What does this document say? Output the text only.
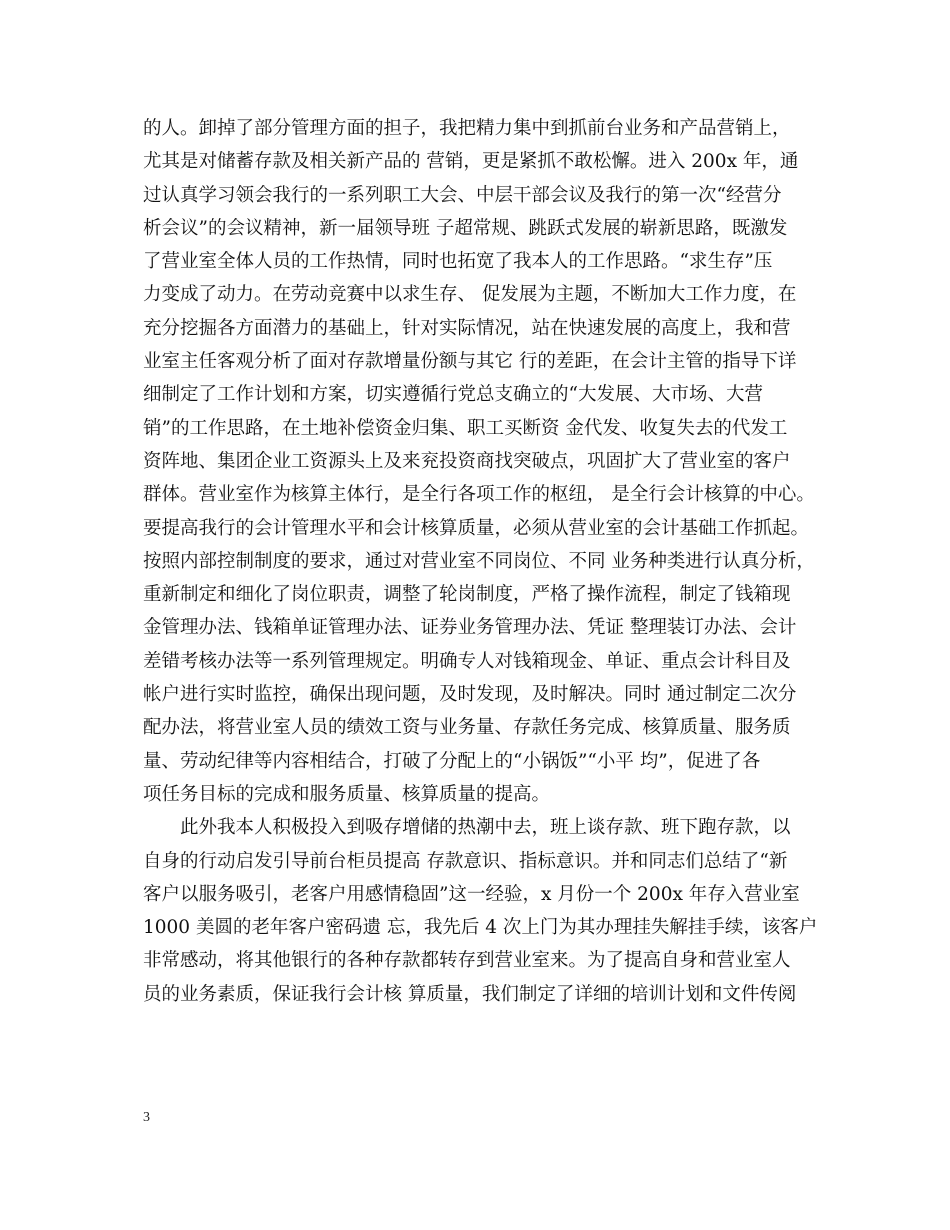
的人。卸掉了部分管理方面的担子，我把精力集中到抓前台业务和产品营销上，
尤其是对储蓄存款及相关新产品的 营销，更是紧抓不敢松懈。进入 200x 年，通
过认真学习领会我行的一系列职工大会、中层干部会议及我行的第一次“经营分
析会议”的会议精神，新一届领导班 子超常规、跳跃式发展的崭新思路，既激发
了营业室全体人员的工作热情，同时也拓宽了我本人的工作思路。“求生存”压
力变成了动力。在劳动竞赛中以求生存、 促发展为主题，不断加大工作力度，在
充分挖掘各方面潜力的基础上，针对实际情况，站在快速发展的高度上，我和营
业室主任客观分析了面对存款增量份额与其它 行的差距，在会计主管的指导下详
细制定了工作计划和方案，切实遵循行党总支确立的“大发展、大市场、大营
销”的工作思路，在土地补偿资金归集、职工买断资 金代发、收复失去的代发工
资阵地、集团企业工资源头上及来兖投资商找突破点，巩固扩大了营业室的客户
群体。营业室作为核算主体行，是全行各项工作的枢纽， 是全行会计核算的中心。
要提高我行的会计管理水平和会计核算质量，必须从营业室的会计基础工作抓起。
按照内部控制制度的要求，通过对营业室不同岗位、不同 业务种类进行认真分析，
重新制定和细化了岗位职责，调整了轮岗制度，严格了操作流程，制定了钱箱现
金管理办法、钱箱单证管理办法、证券业务管理办法、凭证 整理装订办法、会计
差错考核办法等一系列管理规定。明确专人对钱箱现金、单证、重点会计科目及
帐户进行实时监控，确保出现问题，及时发现，及时解决。同时 通过制定二次分
配办法，将营业室人员的绩效工资与业务量、存款任务完成、核算质量、服务质
量、劳动纪律等内容相结合，打破了分配上的“小锅饭”“小平 均”，促进了各
项任务目标的完成和服务质量、核算质量的提高。
此外我本人积极投入到吸存增储的热潮中去，班上谈存款、班下跑存款，以
自身的行动启发引导前台柜员提高 存款意识、指标意识。并和同志们总结了“新
客户以服务吸引，老客户用感情稳固”这一经验，x 月份一个 200x 年存入营业室
1000 美圆的老年客户密码遗 忘，我先后 4 次上门为其办理挂失解挂手续，该客户
非常感动，将其他银行的各种存款都转存到营业室来。为了提高自身和营业室人
员的业务素质，保证我行会计核 算质量，我们制定了详细的培训计划和文件传阅
3
